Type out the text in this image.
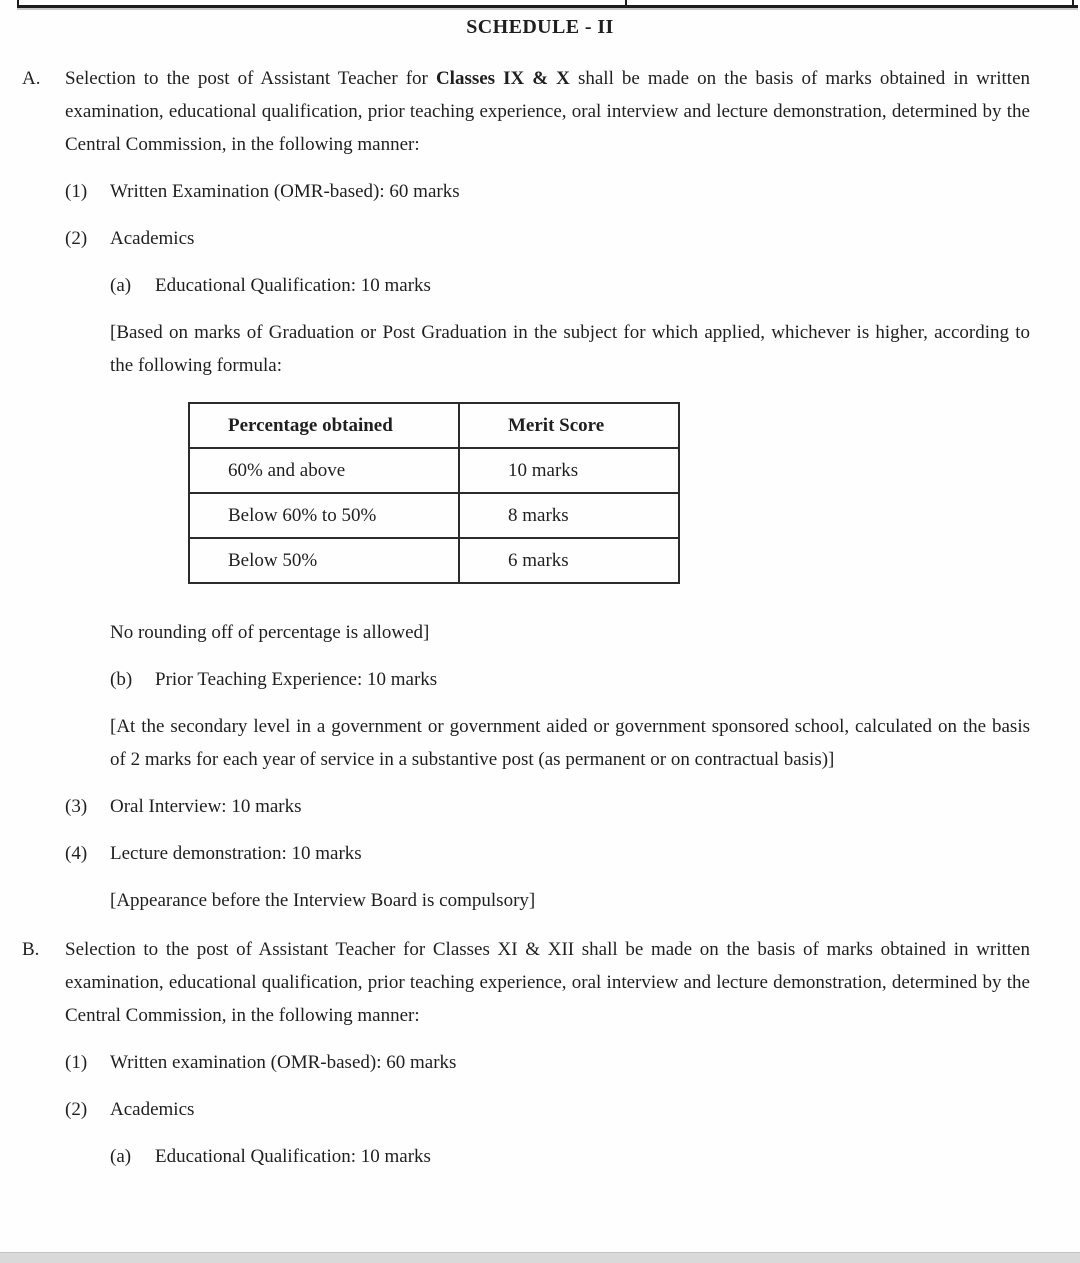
SCHEDULE - II
A.	Selection to the post of Assistant Teacher for Classes IX & X shall be made on the basis of marks obtained in written examination, educational qualification, prior teaching experience, oral interview and lecture demonstration, determined by the Central Commission, in the following manner:
(1) Written Examination (OMR-based): 60 marks
(2) Academics
(a) Educational Qualification: 10 marks
[Based on marks of Graduation or Post Graduation in the subject for which applied, whichever is higher, according to the following formula:
Percentage obtained	Merit Score
60% and above	10 marks
Below 60% to 50%	8 marks
Below 50%	6 marks
No rounding off of percentage is allowed]
(b) Prior Teaching Experience: 10 marks
[At the secondary level in a government or government aided or government sponsored school, calculated on the basis of 2 marks for each year of service in a substantive post (as permanent or on contractual basis)]
(3) Oral Interview: 10 marks
(4) Lecture demonstration: 10 marks
[Appearance before the Interview Board is compulsory]
B.	Selection to the post of Assistant Teacher for Classes XI & XII shall be made on the basis of marks obtained in written examination, educational qualification, prior teaching experience, oral interview and lecture demonstration, determined by the Central Commission, in the following manner:
(1) Written examination (OMR-based): 60 marks
(2) Academics
(a) Educational Qualification: 10 marks
